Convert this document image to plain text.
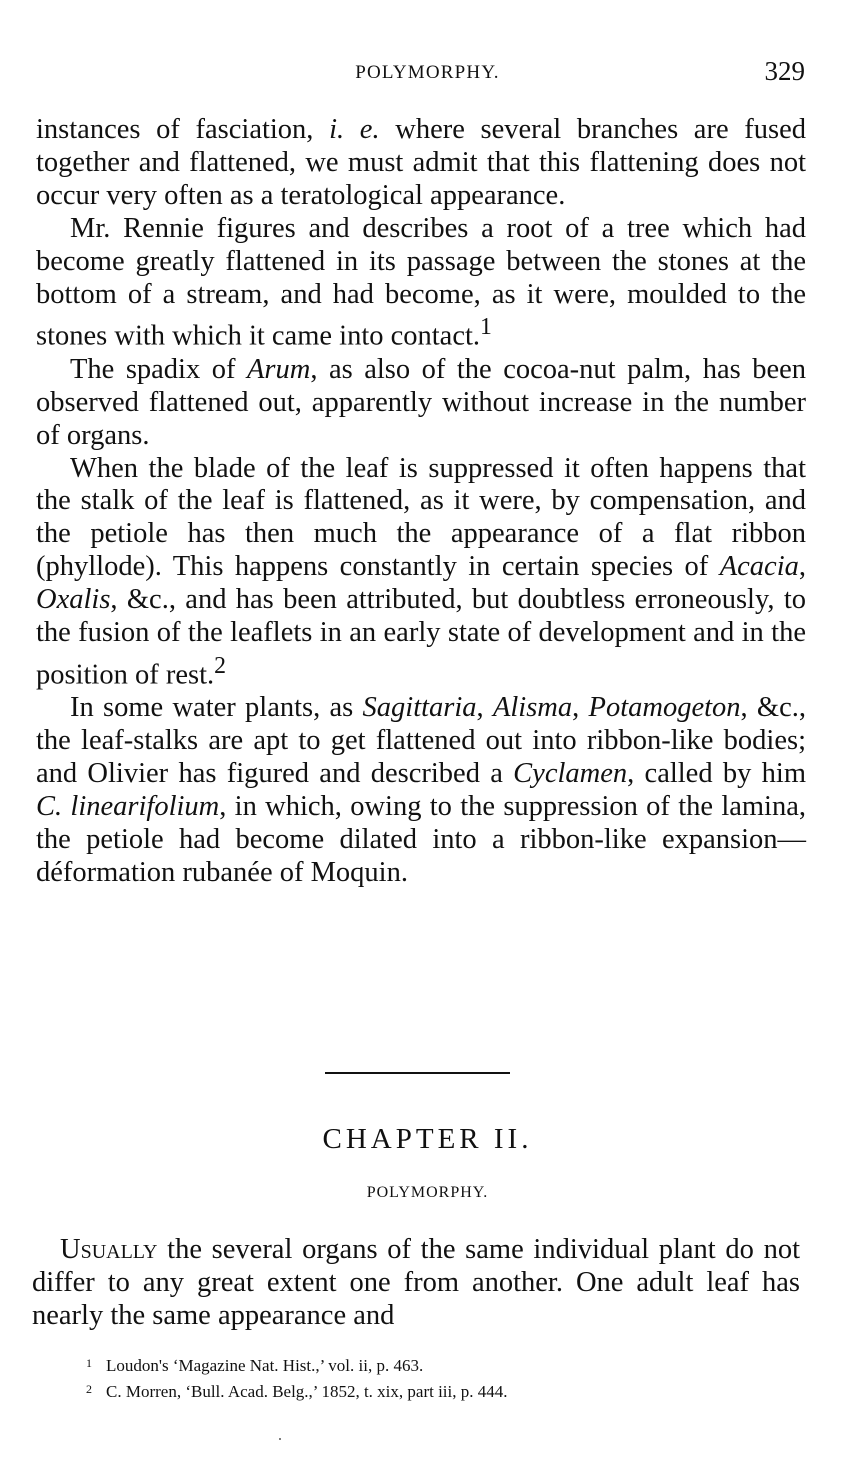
POLYMORPHY.	329

instances of fasciation, i. e. where several branches are fused together and flattened, we must admit that this flattening does not occur very often as a teratological appearance.

Mr. Rennie figures and describes a root of a tree which had become greatly flattened in its passage between the stones at the bottom of a stream, and had become, as it were, moulded to the stones with which it came into contact.$^1$

The spadix of Arum, as also of the cocoa-nut palm, has been observed flattened out, apparently without increase in the number of organs.

When the blade of the leaf is suppressed it often happens that the stalk of the leaf is flattened, as it were, by compensation, and the petiole has then much the appearance of a flat ribbon (phyllode). This happens constantly in certain species of Acacia, Oxalis, &c., and has been attributed, but doubtless erroneously, to the fusion of the leaflets in an early state of development and in the position of rest.$^2$

In some water plants, as Sagittaria, Alisma, Potamogeton, &c., the leaf-stalks are apt to get flattened out into ribbon-like bodies; and Olivier has figured and described a Cyclamen, called by him C. linearifolium, in which, owing to the suppression of the lamina, the petiole had become dilated into a ribbon-like expansion—déformation rubanée of Moquin.

CHAPTER II.
POLYMORPHY.

Usually the several organs of the same individual plant do not differ to any great extent one from another. One adult leaf has nearly the same appearance and

1 Loudon's ‘Magazine Nat. Hist.,’ vol. ii, p. 463.
2 C. Morren, ‘Bull. Acad. Belg.,’ 1852, t. xix, part iii, p. 444.
